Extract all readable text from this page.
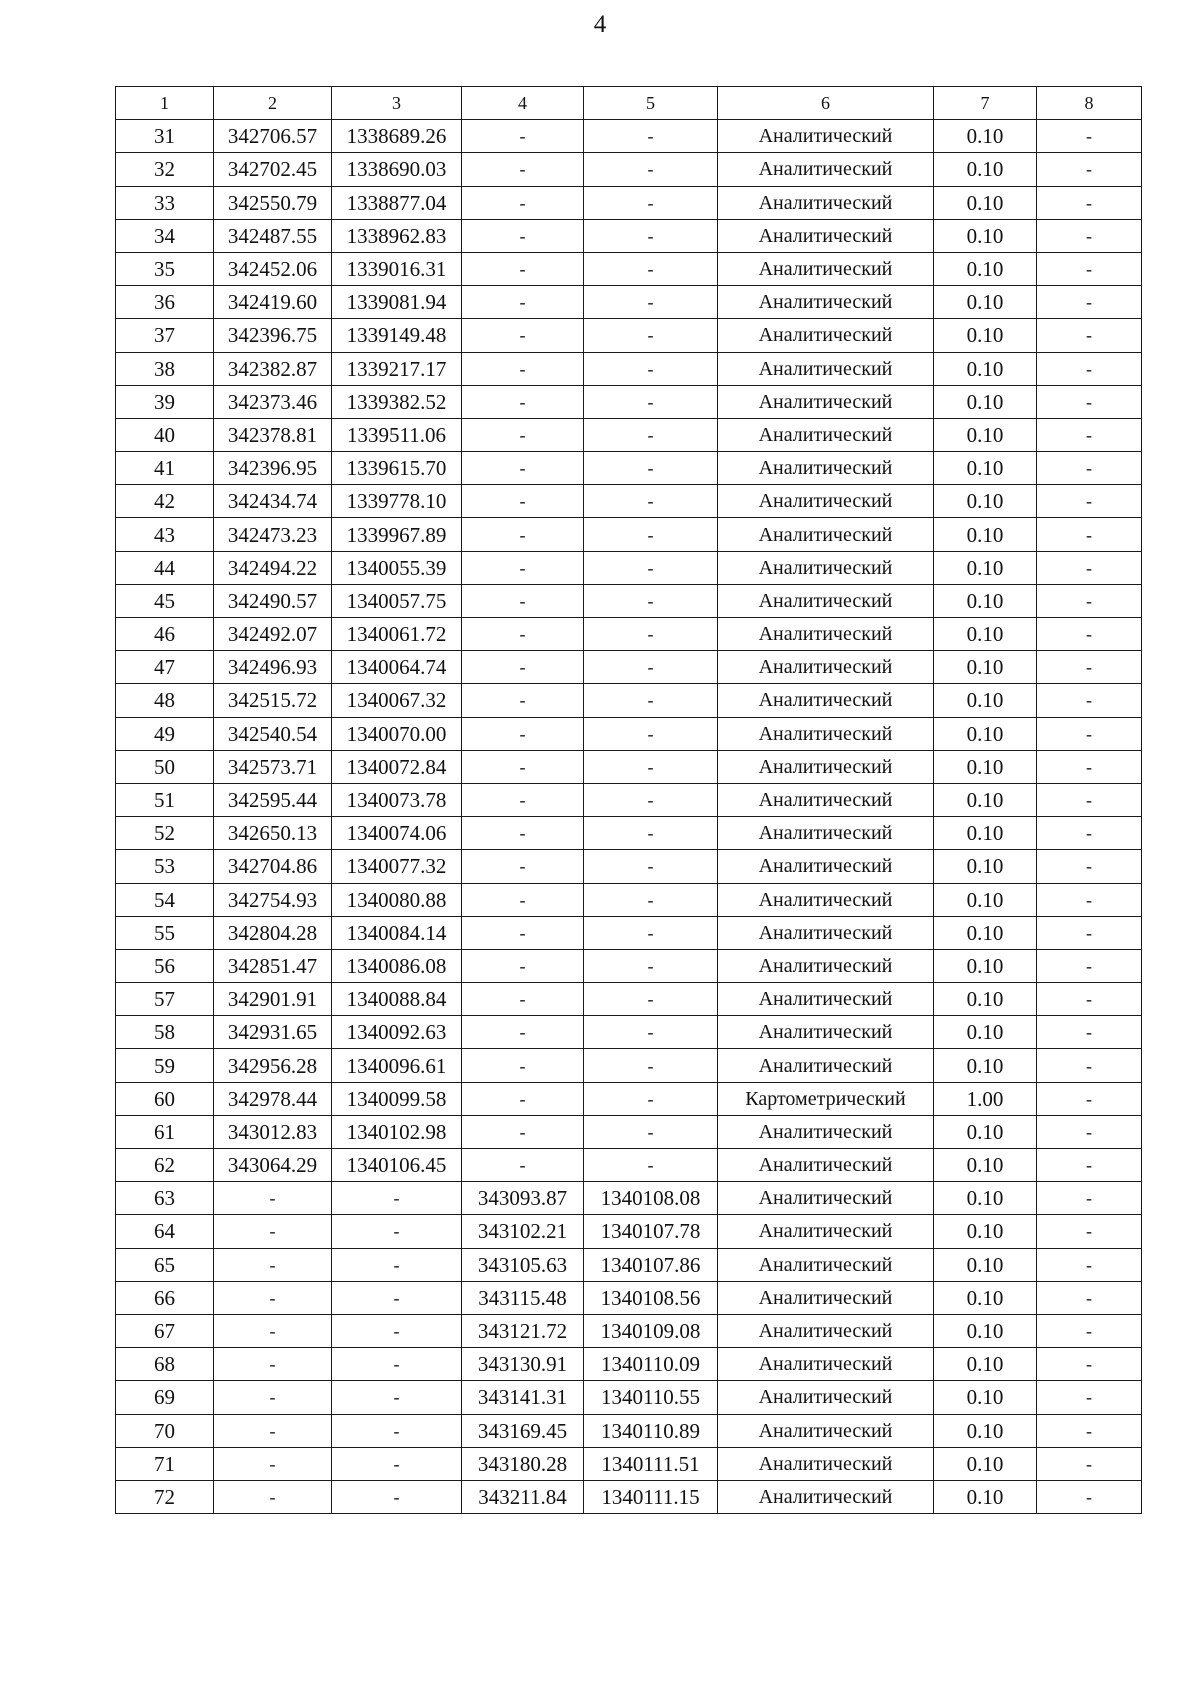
4
1	2	3	4	5	6	7	8
31	342706.57	1338689.26	-	-	Аналитический	0.10	-
32	342702.45	1338690.03	-	-	Аналитический	0.10	-
33	342550.79	1338877.04	-	-	Аналитический	0.10	-
34	342487.55	1338962.83	-	-	Аналитический	0.10	-
35	342452.06	1339016.31	-	-	Аналитический	0.10	-
36	342419.60	1339081.94	-	-	Аналитический	0.10	-
37	342396.75	1339149.48	-	-	Аналитический	0.10	-
38	342382.87	1339217.17	-	-	Аналитический	0.10	-
39	342373.46	1339382.52	-	-	Аналитический	0.10	-
40	342378.81	1339511.06	-	-	Аналитический	0.10	-
41	342396.95	1339615.70	-	-	Аналитический	0.10	-
42	342434.74	1339778.10	-	-	Аналитический	0.10	-
43	342473.23	1339967.89	-	-	Аналитический	0.10	-
44	342494.22	1340055.39	-	-	Аналитический	0.10	-
45	342490.57	1340057.75	-	-	Аналитический	0.10	-
46	342492.07	1340061.72	-	-	Аналитический	0.10	-
47	342496.93	1340064.74	-	-	Аналитический	0.10	-
48	342515.72	1340067.32	-	-	Аналитический	0.10	-
49	342540.54	1340070.00	-	-	Аналитический	0.10	-
50	342573.71	1340072.84	-	-	Аналитический	0.10	-
51	342595.44	1340073.78	-	-	Аналитический	0.10	-
52	342650.13	1340074.06	-	-	Аналитический	0.10	-
53	342704.86	1340077.32	-	-	Аналитический	0.10	-
54	342754.93	1340080.88	-	-	Аналитический	0.10	-
55	342804.28	1340084.14	-	-	Аналитический	0.10	-
56	342851.47	1340086.08	-	-	Аналитический	0.10	-
57	342901.91	1340088.84	-	-	Аналитический	0.10	-
58	342931.65	1340092.63	-	-	Аналитический	0.10	-
59	342956.28	1340096.61	-	-	Аналитический	0.10	-
60	342978.44	1340099.58	-	-	Картометрический	1.00	-
61	343012.83	1340102.98	-	-	Аналитический	0.10	-
62	343064.29	1340106.45	-	-	Аналитический	0.10	-
63	-	-	343093.87	1340108.08	Аналитический	0.10	-
64	-	-	343102.21	1340107.78	Аналитический	0.10	-
65	-	-	343105.63	1340107.86	Аналитический	0.10	-
66	-	-	343115.48	1340108.56	Аналитический	0.10	-
67	-	-	343121.72	1340109.08	Аналитический	0.10	-
68	-	-	343130.91	1340110.09	Аналитический	0.10	-
69	-	-	343141.31	1340110.55	Аналитический	0.10	-
70	-	-	343169.45	1340110.89	Аналитический	0.10	-
71	-	-	343180.28	1340111.51	Аналитический	0.10	-
72	-	-	343211.84	1340111.15	Аналитический	0.10	-
